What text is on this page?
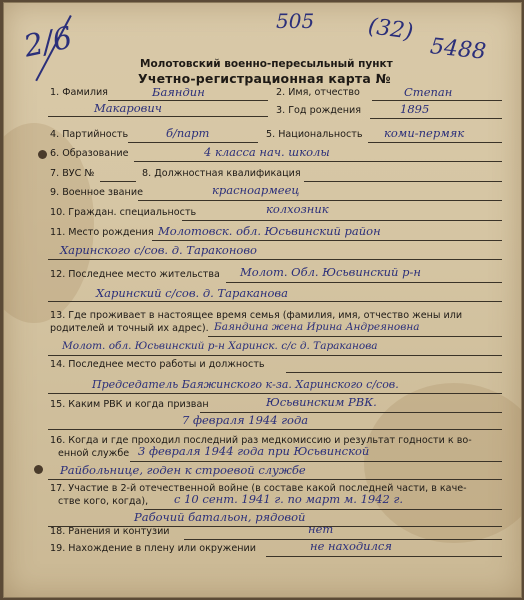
2/6	505 (32)
5488
Молотовский военно-пересыльный пункт
Учетно-регистрационная карта №
1. Фамилия	Баяндин	2. Имя, отчество	Степан
Макарович	3. Год рождения	1895
4. Партийность	б/парт	5. Национальность коми-пермяк
6. Образование	4 класса нач. школы
7. ВУС №	8. Должностная квалификация
9. Военное звание	красноармеец
10. Граждан. специальность	колхозник
11. Место рождения Молотовск. обл. Юсьвинский район
Харинского с/сов. д. Тараконово
12. Последнее место жительства Молот. Обл. Юсьвинский р-н
Харинский с/сов. д. Тараканова
13. Где проживает в настоящее время семья (фамилия, имя, отчество жены или
родителей и точный их адрес). Баяндина жена Ирина Андреяновна
Молот. обл. Юсьвинский р-н Харинск. с/с д. Тараканова
14. Последнее место работы и должность
Председатель Баяжинского к-за. Харинского с/сов.
15. Каким РВК и когда призван	Юсьвинским РВК.
7 февраля 1944 года
16. Когда и где проходил последний раз медкомиссию и результат годности к во-
енной службе 3 февраля 1944 года при Юсьвинской
Райбольнице, годен к строевой службе
17. Участие в 2-й отечественной войне (в составе какой последней части, в каче-
стве кого, когда), с 10 сент. 1941 г. по март м. 1942 г.
Рабочий батальон, рядовой
18. Ранения и контузии	нет
19. Нахождение в плену или окружении	не находился
